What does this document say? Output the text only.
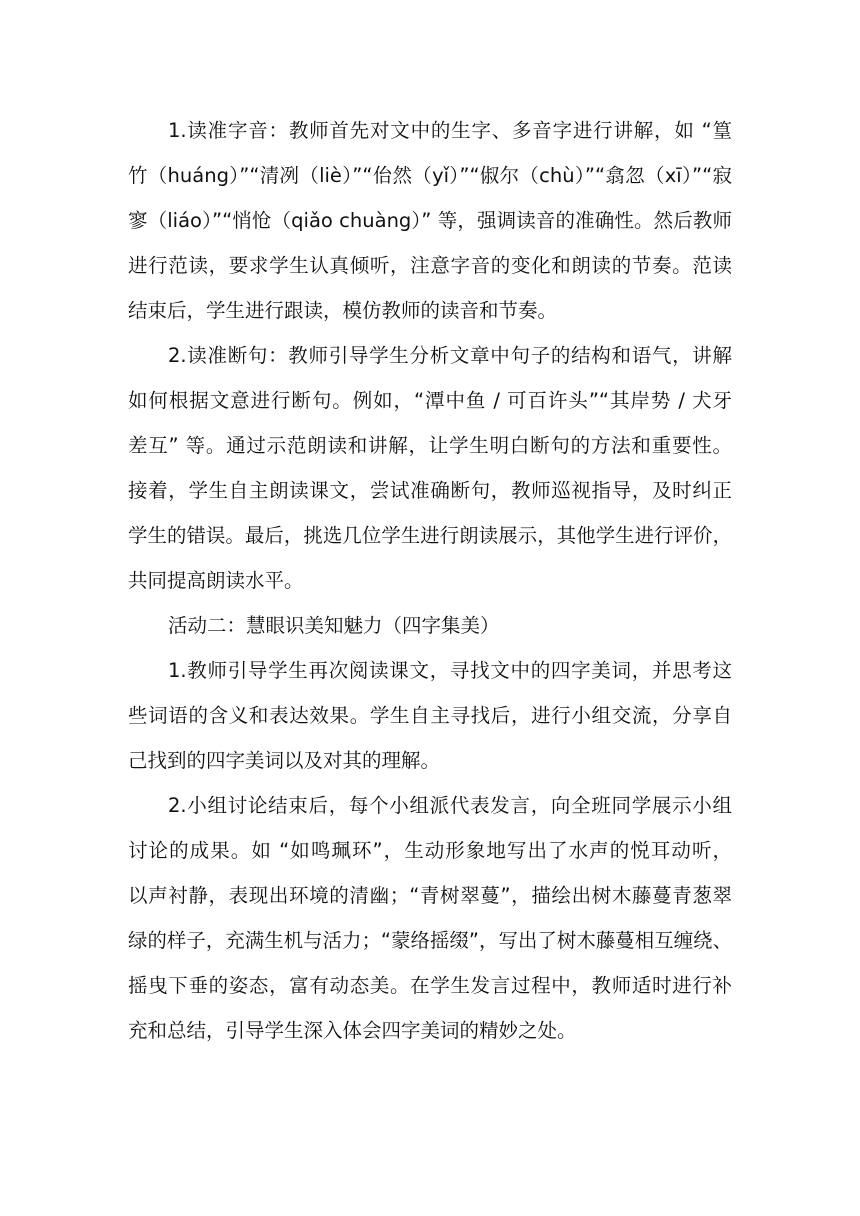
1.读准字音：教师首先对文中的生字、多音字进行讲解，如 “篁
竹（huáng）”“清冽（liè）”“佁然（yǐ）”“俶尔（chù）”“翕忽（xī）”“寂
寥（liáo）”“悄怆（qiǎo chuàng）” 等，强调读音的准确性。然后教师
进行范读，要求学生认真倾听，注意字音的变化和朗读的节奏。范读
结束后，学生进行跟读，模仿教师的读音和节奏。
2.读准断句：教师引导学生分析文章中句子的结构和语气，讲解
如何根据文意进行断句。例如，“潭中鱼 / 可百许头”“其岸势 / 犬牙
差互” 等。通过示范朗读和讲解，让学生明白断句的方法和重要性。
接着，学生自主朗读课文，尝试准确断句，教师巡视指导，及时纠正
学生的错误。最后，挑选几位学生进行朗读展示，其他学生进行评价，
共同提高朗读水平。
活动二：慧眼识美知魅力（四字集美）
1.教师引导学生再次阅读课文，寻找文中的四字美词，并思考这
些词语的含义和表达效果。学生自主寻找后，进行小组交流，分享自
己找到的四字美词以及对其的理解。
2.小组讨论结束后，每个小组派代表发言，向全班同学展示小组
讨论的成果。如 “如鸣珮环”，生动形象地写出了水声的悦耳动听，
以声衬静，表现出环境的清幽；“青树翠蔓”，描绘出树木藤蔓青葱翠
绿的样子，充满生机与活力；“蒙络摇缀”，写出了树木藤蔓相互缠绕、
摇曳下垂的姿态，富有动态美。在学生发言过程中，教师适时进行补
充和总结，引导学生深入体会四字美词的精妙之处。
